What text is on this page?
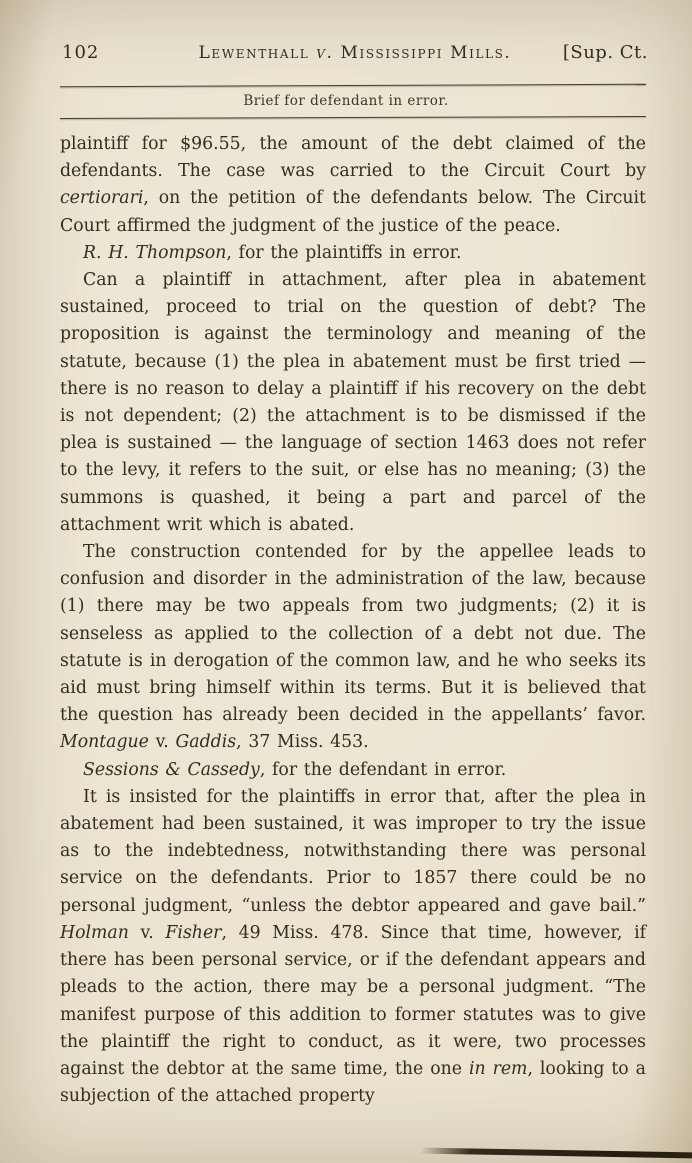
102	Lewenthall v. Mississippi Mills.	[Sup. Ct.
Brief for defendant in error.

plaintiff for $96.55, the amount of the debt claimed of the defendants. The case was carried to the Circuit Court by certiorari, on the petition of the defendants below. The Circuit Court affirmed the judgment of the justice of the peace.

R. H. Thompson, for the plaintiffs in error.

Can a plaintiff in attachment, after plea in abatement sustained, proceed to trial on the question of debt? The proposition is against the terminology and meaning of the statute, because (1) the plea in abatement must be first tried — there is no reason to delay a plaintiff if his recovery on the debt is not dependent; (2) the attachment is to be dismissed if the plea is sustained — the language of section 1463 does not refer to the levy, it refers to the suit, or else has no meaning; (3) the summons is quashed, it being a part and parcel of the attachment writ which is abated.

The construction contended for by the appellee leads to confusion and disorder in the administration of the law, because (1) there may be two appeals from two judgments; (2) it is senseless as applied to the collection of a debt not due. The statute is in derogation of the common law, and he who seeks its aid must bring himself within its terms. But it is believed that the question has already been decided in the appellants’ favor. Montague v. Gaddis, 37 Miss. 453.

Sessions & Cassedy, for the defendant in error.

It is insisted for the plaintiffs in error that, after the plea in abatement had been sustained, it was improper to try the issue as to the indebtedness, notwithstanding there was personal service on the defendants. Prior to 1857 there could be no personal judgment, “unless the debtor appeared and gave bail.” Holman v. Fisher, 49 Miss. 478. Since that time, however, if there has been personal service, or if the defendant appears and pleads to the action, there may be a personal judgment. “The manifest purpose of this addition to former statutes was to give the plaintiff the right to conduct, as it were, two processes against the debtor at the same time, the one in rem, looking to a subjection of the attached property
